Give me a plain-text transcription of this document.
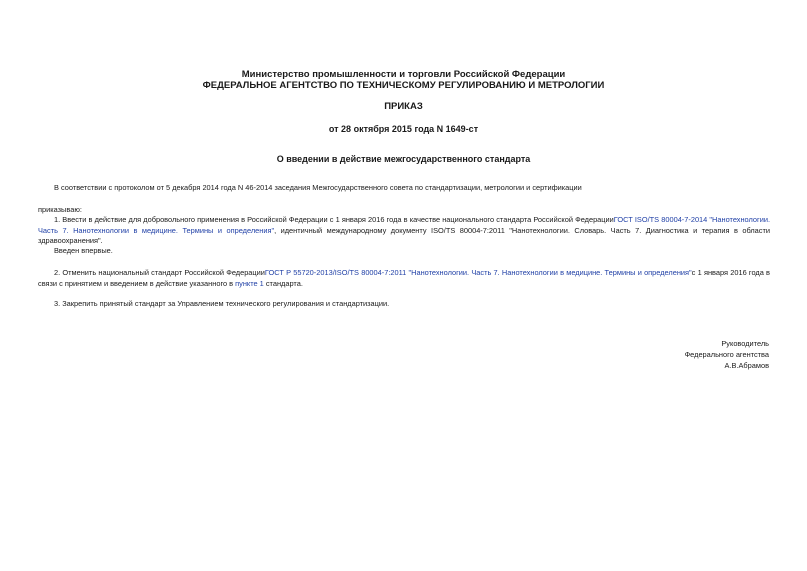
Министерство промышленности и торговли Российской Федерации
ФЕДЕРАЛЬНОЕ АГЕНТСТВО ПО ТЕХНИЧЕСКОМУ РЕГУЛИРОВАНИЮ И МЕТРОЛОГИИ
ПРИКАЗ
от 28 октября 2015 года N 1649-ст
О введении в действие межгосударственного стандарта
В соответствии с протоколом от 5 декабря 2014 года N 46-2014 заседания Межгосударственного совета по стандартизации, метрологии и сертификации
приказываю:
1. Ввести в действие для добровольного применения в Российской Федерации с 1 января 2016 года в качестве национального стандарта Российской ФедерацииГОСТ ISO/TS 80004-7-2014 "Нанотехнологии. Часть 7. Нанотехнологии в медицине. Термины и определения", идентичный международному документу ISO/TS 80004-7:2011 "Нанотехнологии. Словарь. Часть 7. Диагностика и терапия в области здравоохранения".
Введен впервые.
2. Отменить национальный стандарт Российской ФедерацииГОСТ Р 55720-2013/ISO/TS 80004-7:2011 "Нанотехнологии. Часть 7. Нанотехнологии в медицине. Термины и определения"с 1 января 2016 года в связи с принятием и введением в действие указанного в пункте 1 стандарта.
3. Закрепить принятый стандарт за Управлением технического регулирования и стандартизации.
Руководитель
Федерального агентства
А.В.Абрамов
